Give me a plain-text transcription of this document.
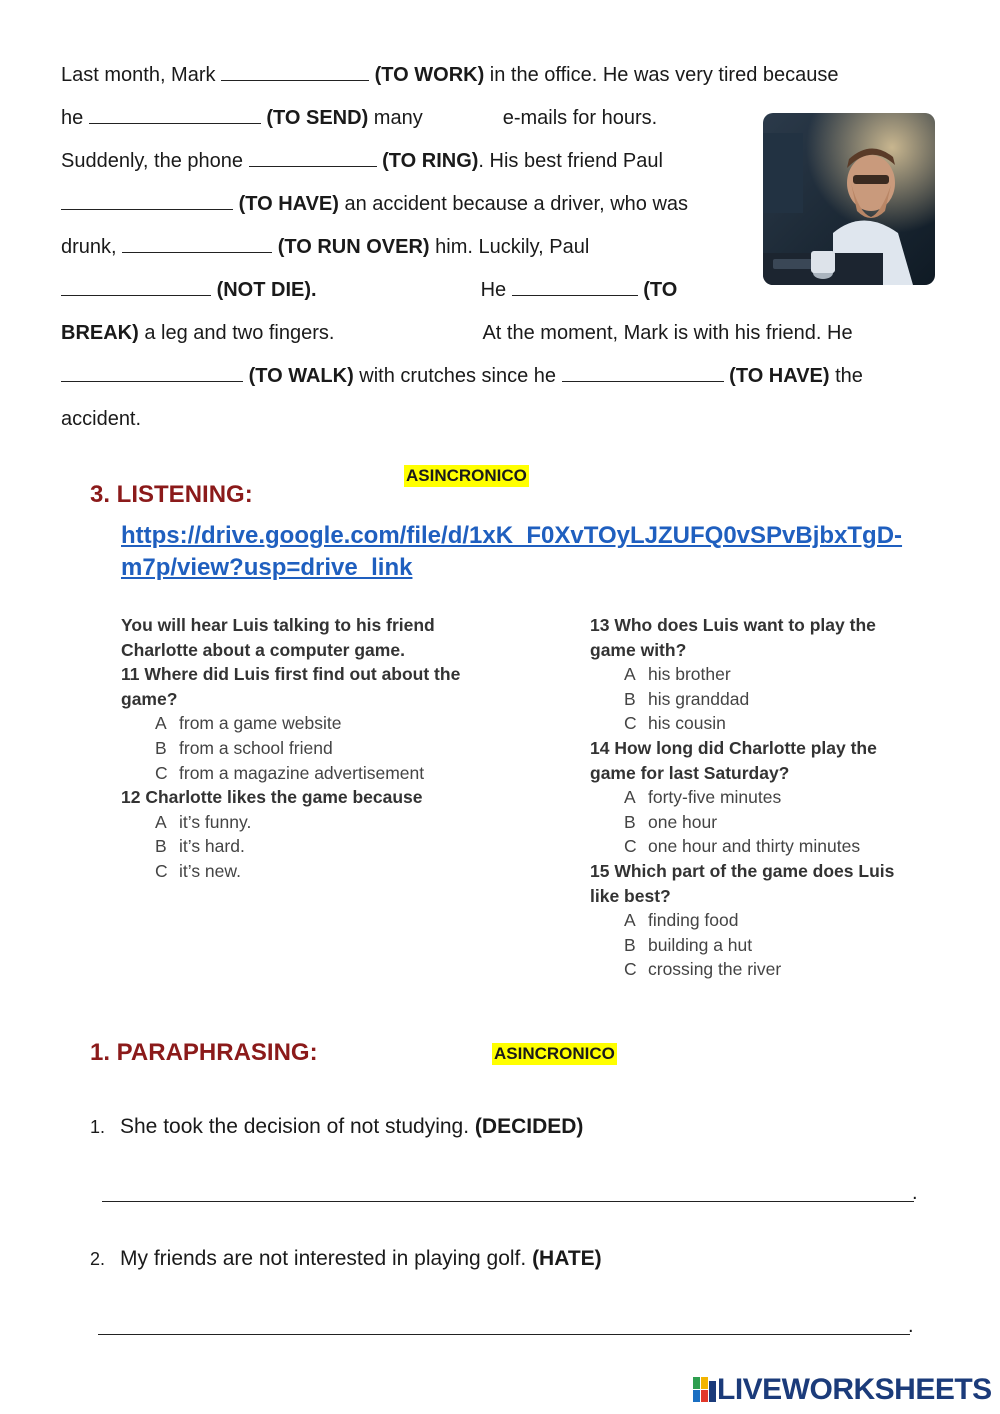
Last month, Mark	(TO WORK) in the office. He was very tired because
he	(TO SEND) many	e-mails for hours.
Suddenly, the phone	(TO RING). His best friend Paul
(TO HAVE) an accident because a driver, who was
drunk,	(TO RUN OVER) him. Luckily, Paul
(NOT DIE).	He	(TO
BREAK) a leg and two fingers.	At the moment, Mark is with his friend. He
(TO WALK) with crutches since he	(TO HAVE) the
accident.
3. LISTENING:
ASINCRONICO
https://drive.google.com/file/d/1xK_F0XvTOyLJZUFQ0vSPvBjbxTgD-m7p/view?usp=drive_link
You will hear Luis talking to his friend Charlotte about a computer game.
11 Where did Luis first find out about the game?
A from a game website
B from a school friend
C from a magazine advertisement
12 Charlotte likes the game because
A it’s funny.
B it’s hard.
C it’s new.
13 Who does Luis want to play the game with?
A his brother
B his granddad
C his cousin
14 How long did Charlotte play the game for last Saturday?
A forty-five minutes
B one hour
C one hour and thirty minutes
15 Which part of the game does Luis like best?
A finding food
B building a hut
C crossing the river
1. PARAPHRASING:	ASINCRONICO
1. She took the decision of not studying. (DECIDED)
.
2. My friends are not interested in playing golf. (HATE)
.
LIVEWORKSHEETS
